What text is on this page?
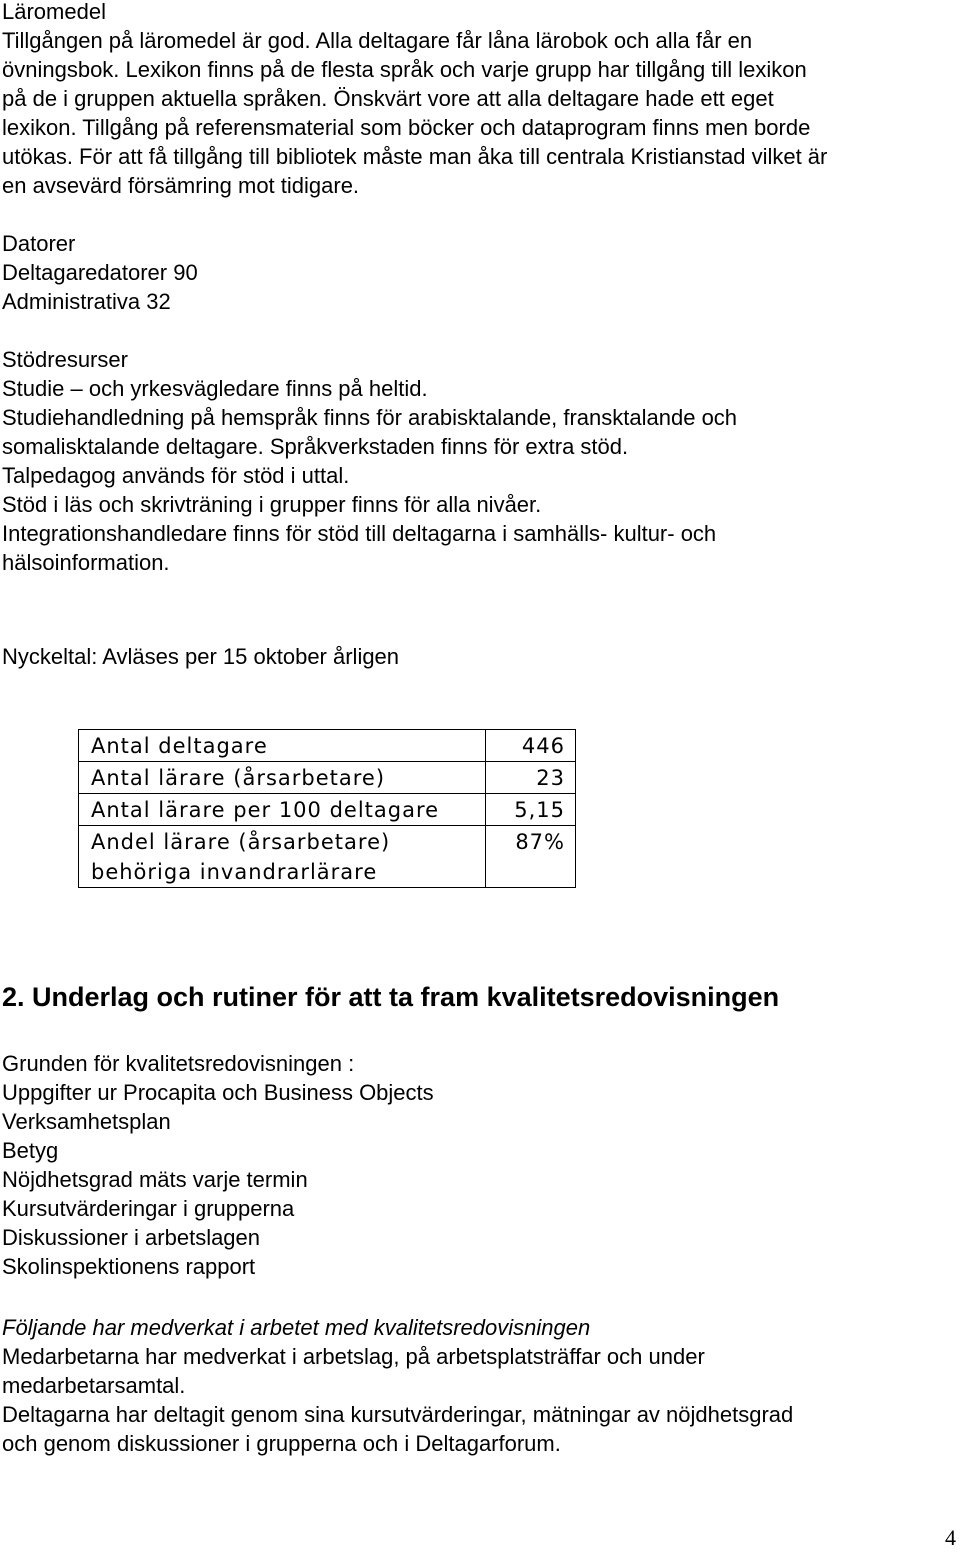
Läromedel
Tillgången på läromedel är god. Alla deltagare får låna lärobok och alla får en
övningsbok. Lexikon finns på de flesta språk och varje grupp har tillgång till lexikon
på de i gruppen aktuella språken. Önskvärt vore att alla deltagare hade ett eget
lexikon. Tillgång på referensmaterial som böcker och dataprogram finns men borde
utökas. För att få tillgång till bibliotek måste man åka till centrala Kristianstad vilket är
en avsevärd försämring mot tidigare.
Datorer
Deltagaredatorer 90
Administrativa 32
Stödresurser
Studie – och yrkesvägledare finns på heltid.
Studiehandledning på hemspråk finns för arabisktalande, fransktalande och
somalisktalande deltagare. Språkverkstaden finns för extra stöd.
Talpedagog används för stöd i uttal.
Stöd i läs och skrivträning i grupper finns för alla nivåer.
Integrationshandledare finns för stöd till deltagarna i samhälls- kultur- och
hälsoinformation.
Nyckeltal: Avläses per 15 oktober årligen
Antal deltagare	446
Antal lärare (årsarbetare)	23
Antal lärare per 100 deltagare	5,15

Andel lärare (årsarbetare)
behöriga invandrarlärare	87%
2. Underlag och rutiner för att ta fram kvalitetsredovisningen
Grunden för kvalitetsredovisningen :
Uppgifter ur Procapita och Business Objects
Verksamhetsplan
Betyg
Nöjdhetsgrad mäts varje termin
Kursutvärderingar i grupperna
Diskussioner i arbetslagen
Skolinspektionens rapport
Följande har medverkat i arbetet med kvalitetsredovisningen
Medarbetarna har medverkat i arbetslag, på arbetsplatsträffar och under
medarbetarsamtal.
Deltagarna har deltagit genom sina kursutvärderingar, mätningar av nöjdhetsgrad
och genom diskussioner i grupperna och i Deltagarforum.
4
